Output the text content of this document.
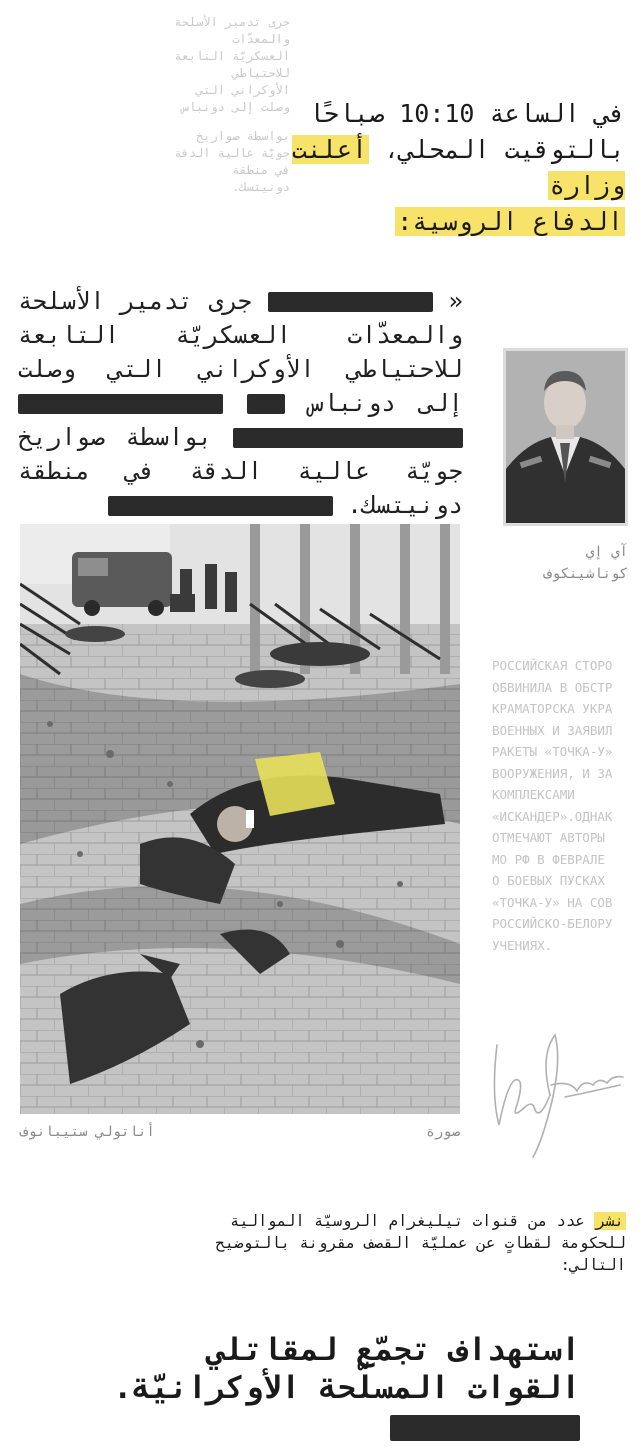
جرى تدمير الأسلحة والمعدّات العسكريّة التابعة للاحتياطي الأوكراني التي وصلت إلى دونباس

بواسطة صواريخ جويّة عالية الدقة في منطقة دونيتسك.

في الساعة 10:10 صباحًا بالتوقيت المحلي، أعلنت وزارة
الدفاع الروسية:
«  جرى تدمير الأسلحة والمعدّات العسكريّة التابعة للاحتياطي الأوكراني التي وصلت إلى دونباس    بواسطة صواريخ جويّة عالية الدقة في منطقة دونيتسك.
آي إي
كوناشينكوف
أناتولي ستيبانوف	صورة
РОССИЙСКАЯ СТОРО
ОБВИНИЛА В ОБСТР
КРАМАТОРСКА УКРА
ВОЕННЫХ И ЗАЯВИЛ
РАКЕТЫ «ТОЧКА-У»
ВООРУЖЕНИЯ, И ЗА
КОМПЛЕКСАМИ
«ИСКАНДЕР».ОДНАК
ОТМЕЧАЮТ АВТОРЫ
МО РФ В ФЕВРАЛЕ
О БОЕВЫХ ПУСКАХ
«ТОЧКА-У» НА СОВ
РОССИЙСКО-БЕЛОРУ
УЧЕНИЯХ.
نشر عدد من قنوات تيليغرام الروسيّة الموالية للحكومة لقطاتٍ عن عمليّة القصف مقرونة بالتوضيح التالي:
استهداف تجمّع لمقاتلي القوات المسلّحة الأوكرانيّة.
